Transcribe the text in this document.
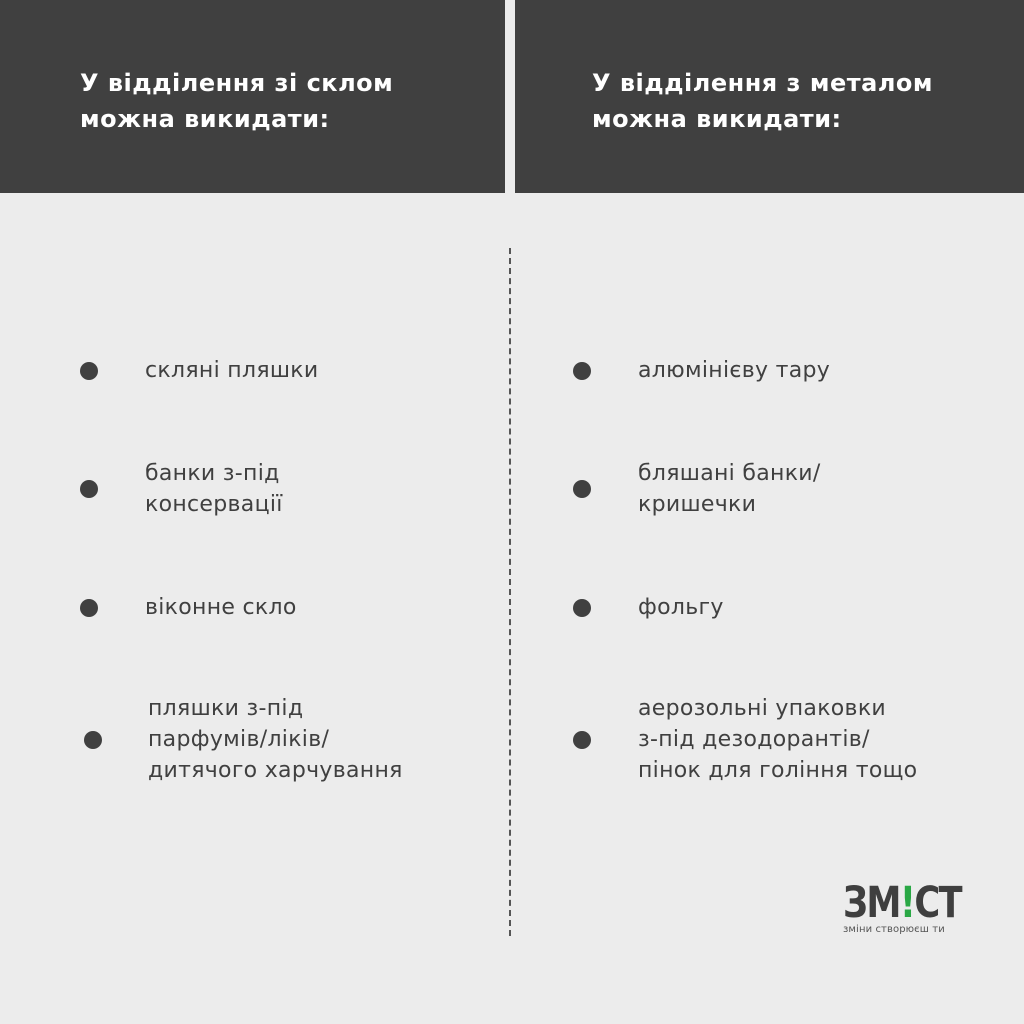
У відділення зі склом
можна викидати:
У відділення з металом
можна викидати:
скляні пляшки
банки з-під
консервації
віконне скло
пляшки з-під
парфумів/ліків/
дитячого харчування
алюмінієву тару
бляшані банки/
кришечки
фольгу
аерозольні упаковки
з-під дезодорантів/
пінок для гоління тощо
ЗМ!СТ
зміни створюєш ти
